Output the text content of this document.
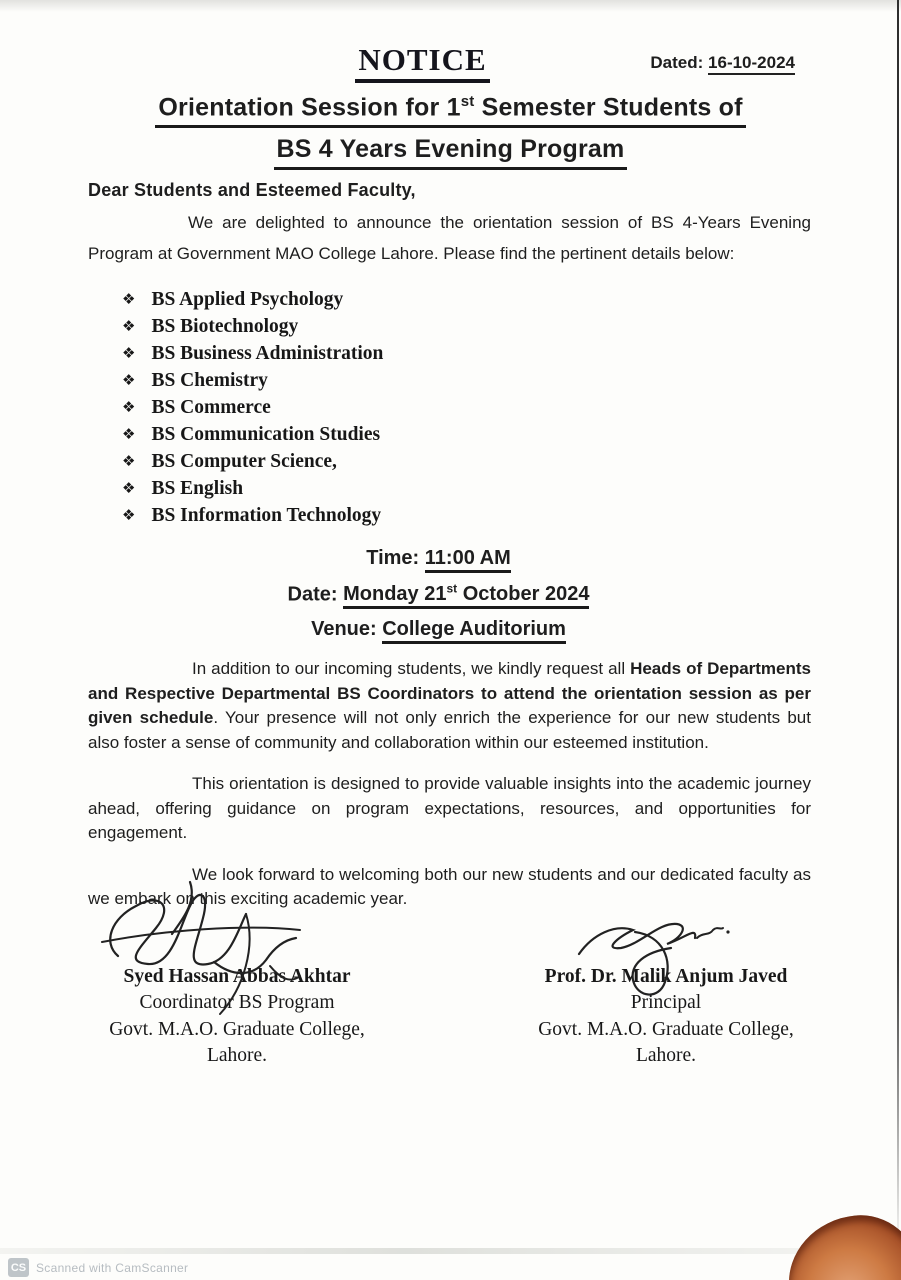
NOTICE	Dated: 16-10-2024
Orientation Session for 1st Semester Students of
BS 4 Years Evening Program
Dear Students and Esteemed Faculty,

We are delighted to announce the orientation session of BS 4-Years Evening Program at Government MAO College Lahore. Please find the pertinent details below:

❖ BS Applied Psychology
❖ BS Biotechnology
❖ BS Business Administration
❖ BS Chemistry
❖ BS Commerce
❖ BS Communication Studies
❖ BS Computer Science,
❖ BS English
❖ BS Information Technology
Time: 11:00 AM
Date: Monday 21st October 2024
Venue: College Auditorium

In addition to our incoming students, we kindly request all Heads of Departments and Respective Departmental BS Coordinators to attend the orientation session as per given schedule. Your presence will not only enrich the experience for our new students but also foster a sense of community and collaboration within our esteemed institution.

This orientation is designed to provide valuable insights into the academic journey ahead, offering guidance on program expectations, resources, and opportunities for engagement.

We look forward to welcoming both our new students and our dedicated faculty as we embark on this exciting academic year.

Syed Hassan Abbas Akhtar
Coordinator BS Program
Govt. M.A.O. Graduate College,
Lahore.
Prof. Dr. Malik Anjum Javed
Principal
Govt. M.A.O. Graduate College,
Lahore.
CS Scanned with CamScanner
